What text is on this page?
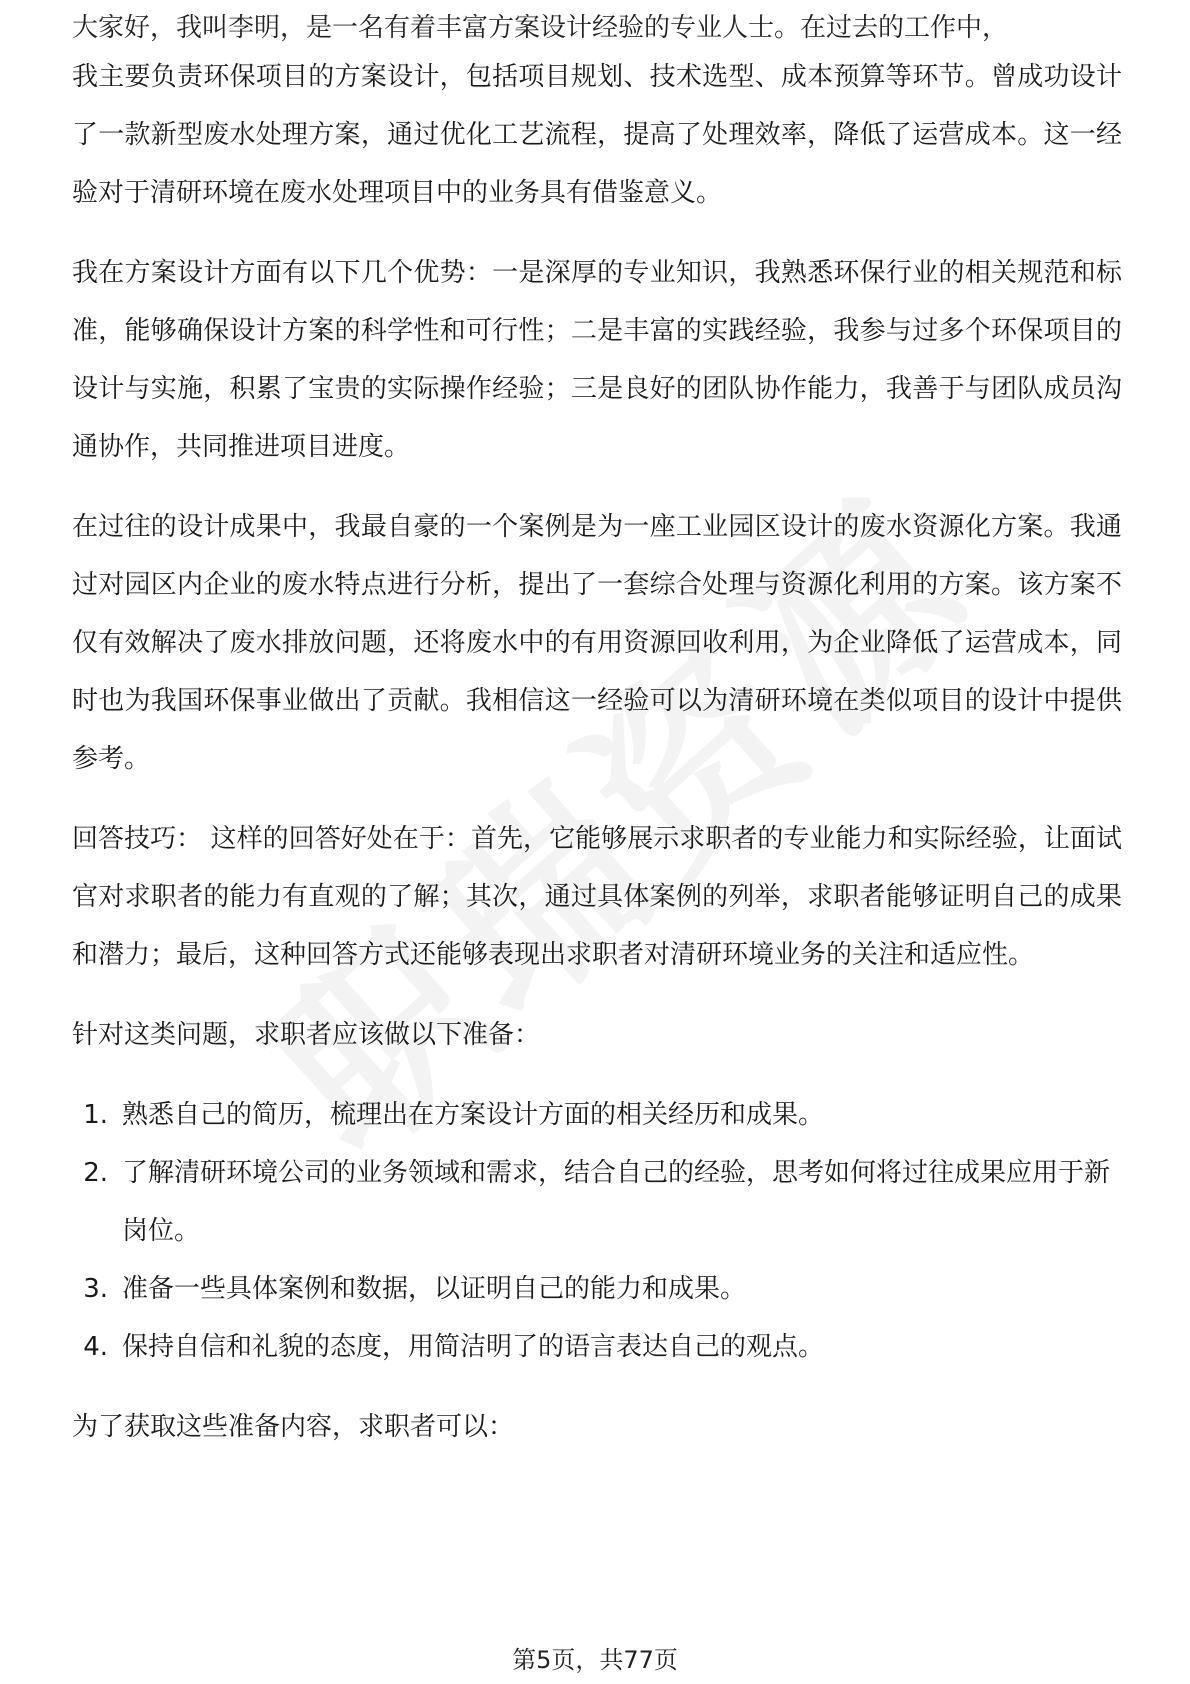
大家好，我叫李明，是一名有着丰富方案设计经验的专业人士。在过去的工作中，

我主要负责环保项目的方案设计，包括项目规划、技术选型、成本预算等环节。曾成功设计了一款新型废水处理方案，通过优化工艺流程，提高了处理效率，降低了运营成本。这一经验对于清研环境在废水处理项目中的业务具有借鉴意义。

我在方案设计方面有以下几个优势：一是深厚的专业知识，我熟悉环保行业的相关规范和标准，能够确保设计方案的科学性和可行性；二是丰富的实践经验，我参与过多个环保项目的设计与实施，积累了宝贵的实际操作经验；三是良好的团队协作能力，我善于与团队成员沟通协作，共同推进项目进度。

在过往的设计成果中，我最自豪的一个案例是为一座工业园区设计的废水资源化方案。我通过对园区内企业的废水特点进行分析，提出了一套综合处理与资源化利用的方案。该方案不仅有效解决了废水排放问题，还将废水中的有用资源回收利用，为企业降低了运营成本，同时也为我国环保事业做出了贡献。我相信这一经验可以为清研环境在类似项目的设计中提供参考。

回答技巧： 这样的回答好处在于：首先，它能够展示求职者的专业能力和实际经验，让面试官对求职者的能力有直观的了解；其次，通过具体案例的列举，求职者能够证明自己的成果和潜力；最后，这种回答方式还能够表现出求职者对清研环境业务的关注和适应性。

针对这类问题，求职者应该做以下准备：

1. 熟悉自己的简历，梳理出在方案设计方面的相关经历和成果。
2. 了解清研环境公司的业务领域和需求，结合自己的经验，思考如何将过往成果应用于新岗位。
3. 准备一些具体案例和数据，以证明自己的能力和成果。
4. 保持自信和礼貌的态度，用简洁明了的语言表达自己的观点。

为了获取这些准备内容，求职者可以：

第5页，共77页
